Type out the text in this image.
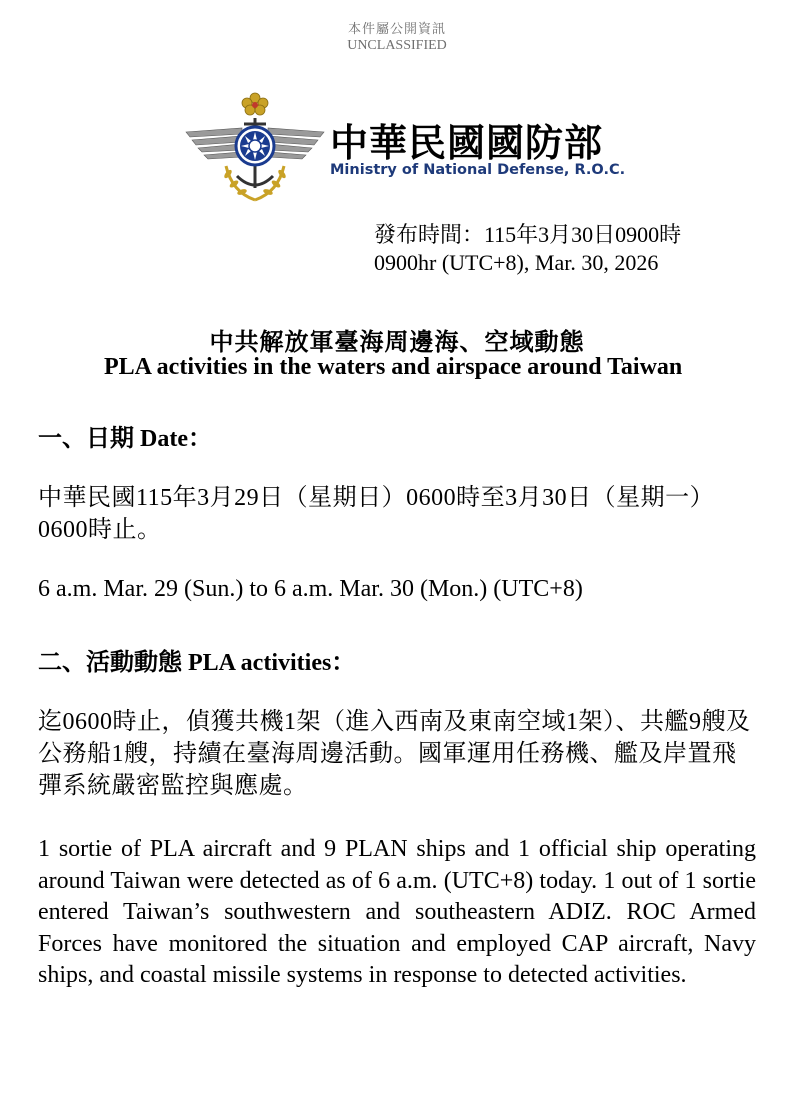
本件屬公開資訊
UNCLASSIFIED
中華民國國防部
Ministry of National Defense, R.O.C.
發布時間：115年3月30日0900時
0900hr (UTC+8), Mar. 30, 2026
中共解放軍臺海周邊海、空域動態
PLA activities in the waters and airspace around Taiwan
一、日期 Date：
中華民國115年3月29日（星期日）0600時至3月30日（星期一）0600時止。
6 a.m. Mar. 29 (Sun.) to 6 a.m. Mar. 30 (Mon.) (UTC+8)
二、活動動態 PLA activities：
迄0600時止，偵獲共機1架（進入西南及東南空域1架）、共艦9艘及公務船1艘，持續在臺海周邊活動。國軍運用任務機、艦及岸置飛彈系統嚴密監控與應處。
1 sortie of PLA aircraft and 9 PLAN ships and 1 official ship operating around Taiwan were detected as of 6 a.m. (UTC+8) today. 1 out of 1 sortie entered Taiwan’s southwestern and southeastern ADIZ. ROC Armed Forces have monitored the situation and employed CAP aircraft, Navy ships, and coastal missile systems in response to detected activities.
